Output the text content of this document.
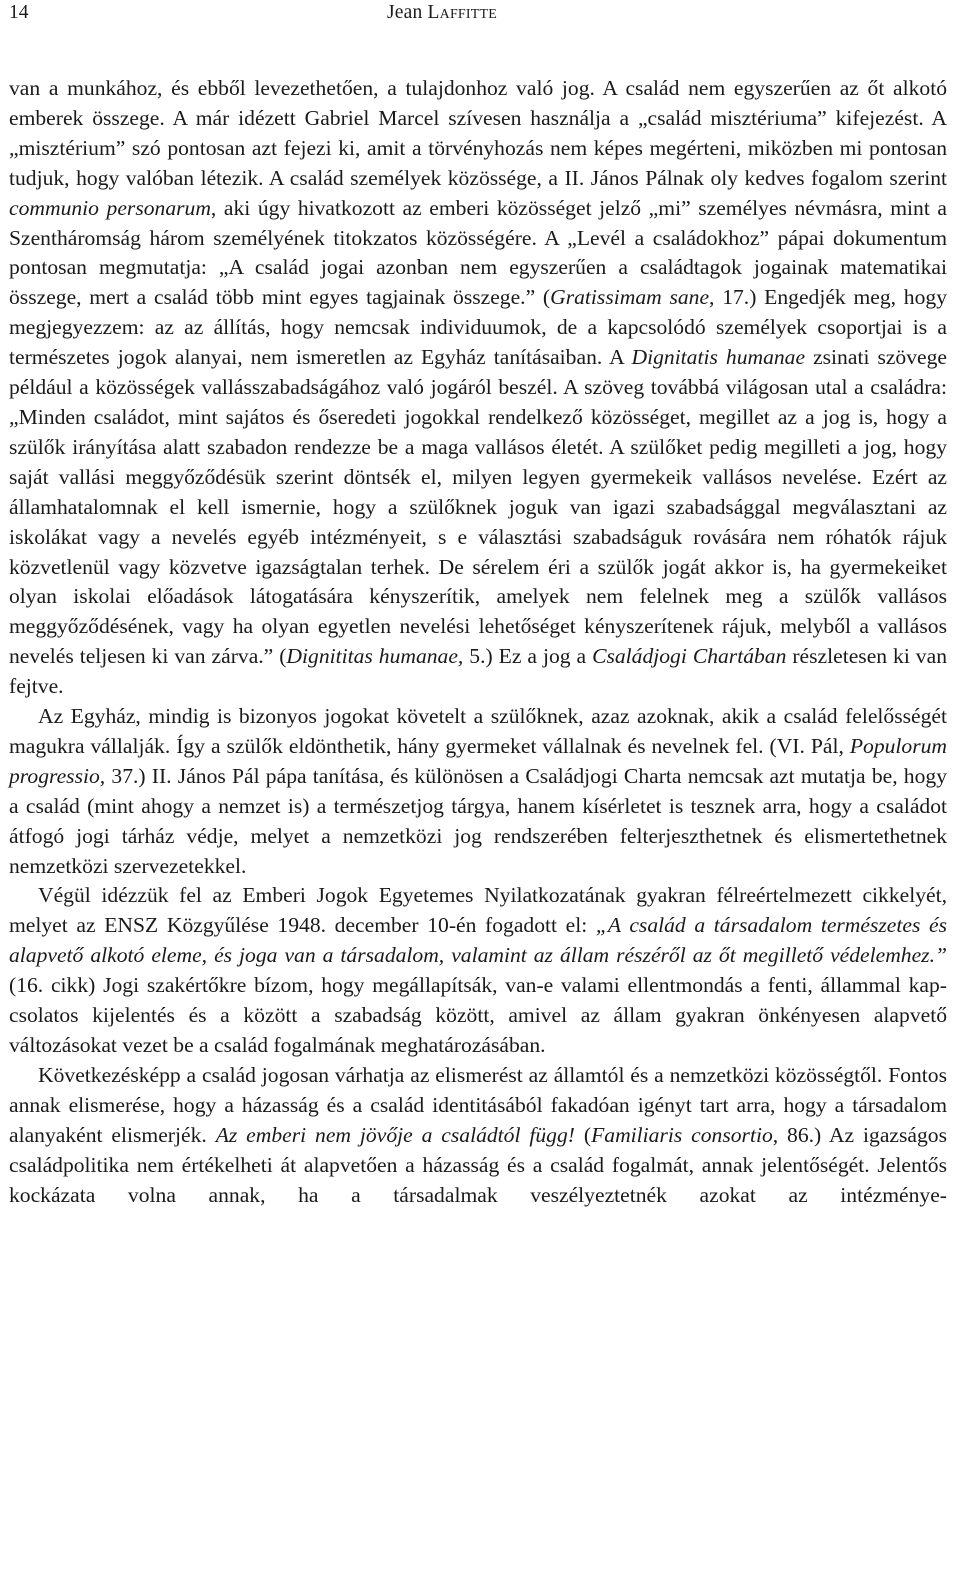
14	Jean Laffitte

van a munkához, és ebből levezethetően, a tulajdonhoz való jog. A család nem egyszerűen az őt alkotó emberek összege. A már idézett Gabriel Marcel szívesen használja a „család misztériuma” kifejezést. A „misztérium” szó pontosan azt fejezi ki, amit a törvényhozás nem képes megérteni, miközben mi pontosan tudjuk, hogy valóban létezik. A család személyek közössége, a II. János Pálnak oly kedves fogalom szerint communio personarum, aki úgy hivatkozott az emberi közösséget jelző „mi” személyes névmásra, mint a Szentháromság három személyének titokzatos közösségére. A „Levél a családokhoz” pápai dokumentum pontosan megmutatja: „A család jogai azonban nem egyszerűen a családtagok jogainak matematikai összege, mert a család több mint egyes tagjainak összege.” (Gratissimam sane, 17.) Engedjék meg, hogy megjegyezzem: az az állítás, hogy nemcsak individuumok, de a kapcsolódó személyek csoportjai is a természetes jogok alanyai, nem ismeretlen az Egyház tanításaiban. A Dignitatis humanae zsinati szövege például a közösségek vallásszabadságához való jogáról beszél. A szöveg továbbá világosan utal a családra: „Minden családot, mint sajátos és őseredeti jogokkal rendelkező közösséget, megillet az a jog is, hogy a szülők irányítása alatt szabadon rendezze be a maga vallásos életét. A szülőket pedig megilleti a jog, hogy saját vallási meggyőződésük szerint döntsék el, milyen legyen gyermekeik vallásos nevelése. Ezért az államhatalomnak el kell ismernie, hogy a szülőknek joguk van igazi szabadsággal megválasztani az iskolákat vagy a nevelés egyéb intézményeit, s e választási szabadságuk rovására nem róhatók rájuk közvetlenül vagy közvetve igazságtalan terhek. De sérelem éri a szülők jogát akkor is, ha gyermekeiket olyan iskolai előadások látogatására kényszerítik, amelyek nem felelnek meg a szülők vallásos meggyőződésének, vagy ha olyan egyetlen nevelési lehetőséget kényszerítenek rájuk, melyből a vallásos nevelés teljesen ki van zárva.” (Dignititas humanae, 5.) Ez a jog a Családjogi Chartában részletesen ki van fejtve.

Az Egyház, mindig is bizonyos jogokat követelt a szülőknek, azaz azoknak, akik a család felelősségét magukra vállalják. Így a szülők eldönthetik, hány gyermeket vállalnak és nevelnek fel. (VI. Pál, Populorum progressio, 37.) II. János Pál pápa tanítása, és különösen a Családjogi Charta nemcsak azt mutatja be, hogy a család (mint ahogy a nemzet is) a természetjog tárgya, hanem kísérletet is tesznek arra, hogy a családot átfogó jogi tárház védje, melyet a nemzetközi jog rendszerében felterjeszthetnek és elismertethetnek nemzetközi szervezetekkel.

Végül idézzük fel az Emberi Jogok Egyetemes Nyilatkozatának gyakran félreértelmezett cikkelyét, melyet az ENSZ Közgyűlése 1948. december 10-én fogadott el: „A család a társadalom természetes és alapvető alkotó eleme, és joga van a társadalom, valamint az állam részéről az őt megillető védelemhez.” (16. cikk) Jogi szakértőkre bízom, hogy megállapítsák, van-e valami ellentmondás a fenti, állammal kapcsolatos kijelentés és a között a szabadság között, amivel az állam gyakran önkényesen alapvető változásokat vezet be a család fogalmának meghatározásában.

Következésképp a család jogosan várhatja az elismerést az államtól és a nemzetközi közösségtől. Fontos annak elismerése, hogy a házasság és a család identitásából fakadóan igényt tart arra, hogy a társadalom alanyaként elismerjék. Az emberi nem jövője a családtól függ! (Familiaris consortio, 86.) Az igazságos családpolitika nem értékelheti át alapvetően a házasság és a család fogalmát, annak jelentőségét. Jelentős kockázata volna annak, ha a társadalmak veszélyeztetnék azokat az intézménye-
